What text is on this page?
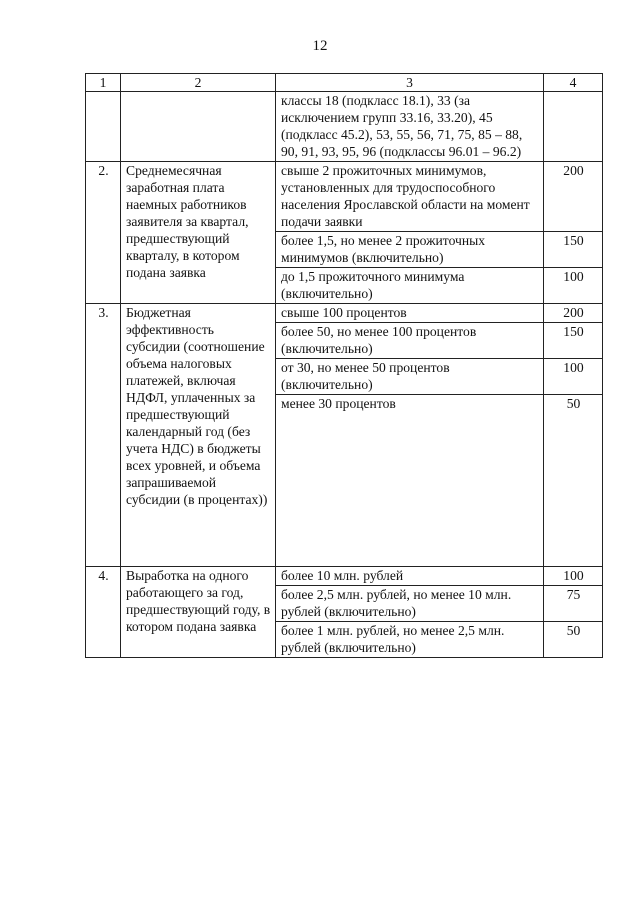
12
1	2	3	4
		классы 18 (подкласс 18.1), 33 (за исключением групп 33.16, 33.20), 45 (подкласс 45.2), 53, 55, 56, 71, 75, 85 – 88, 90, 91, 93, 95, 96 (подклассы 96.01 – 96.2)	
2.	Среднемесячная заработная плата наемных работников заявителя за квартал, предшествующий кварталу, в котором подана заявка	свыше 2 прожиточных минимумов, установленных для трудоспособного населения Ярославской области на момент подачи заявки	200
		более 1,5, но менее 2 прожиточных минимумов (включительно)	150
		до 1,5 прожиточного минимума (включительно)	100
3.	Бюджетная эффективность субсидии (соотношение объема налоговых платежей, включая НДФЛ, уплаченных за предшествующий календарный год (без учета НДС) в бюджеты всех уровней, и объема запрашиваемой субсидии (в процентах))	свыше 100 процентов	200
		более 50, но менее 100 процентов (включительно)	150
		от 30, но менее 50 процентов (включительно)	100
		менее 30 процентов	50
4.	Выработка на одного работающего за год, предшествующий году, в котором подана заявка	более 10 млн. рублей	100
		более 2,5 млн. рублей, но менее 10 млн. рублей (включительно)	75
		более 1 млн. рублей, но менее 2,5 млн. рублей (включительно)	50
